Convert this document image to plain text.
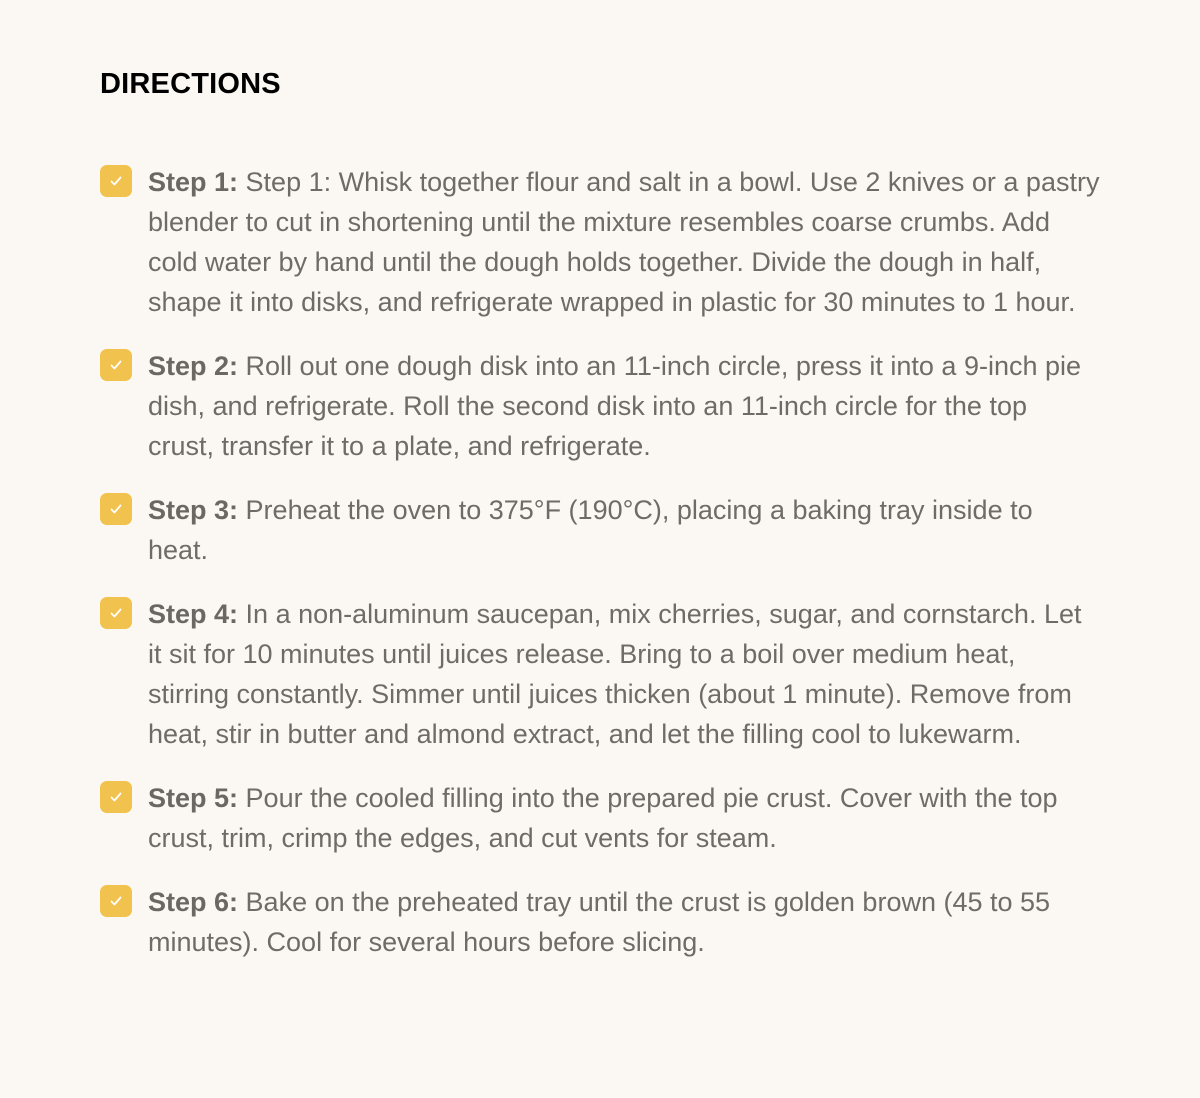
DIRECTIONS
Step 1: Step 1: Whisk together flour and salt in a bowl. Use 2 knives or a pastry blender to cut in shortening until the mixture resembles coarse crumbs. Add cold water by hand until the dough holds together. Divide the dough in half, shape it into disks, and refrigerate wrapped in plastic for 30 minutes to 1 hour.
Step 2: Roll out one dough disk into an 11-inch circle, press it into a 9-inch pie dish, and refrigerate. Roll the second disk into an 11-inch circle for the top crust, transfer it to a plate, and refrigerate.
Step 3: Preheat the oven to 375°F (190°C), placing a baking tray inside to heat.
Step 4: In a non-aluminum saucepan, mix cherries, sugar, and cornstarch. Let it sit for 10 minutes until juices release. Bring to a boil over medium heat, stirring constantly. Simmer until juices thicken (about 1 minute). Remove from heat, stir in butter and almond extract, and let the filling cool to lukewarm.
Step 5: Pour the cooled filling into the prepared pie crust. Cover with the top crust, trim, crimp the edges, and cut vents for steam.
Step 6: Bake on the preheated tray until the crust is golden brown (45 to 55 minutes). Cool for several hours before slicing.
